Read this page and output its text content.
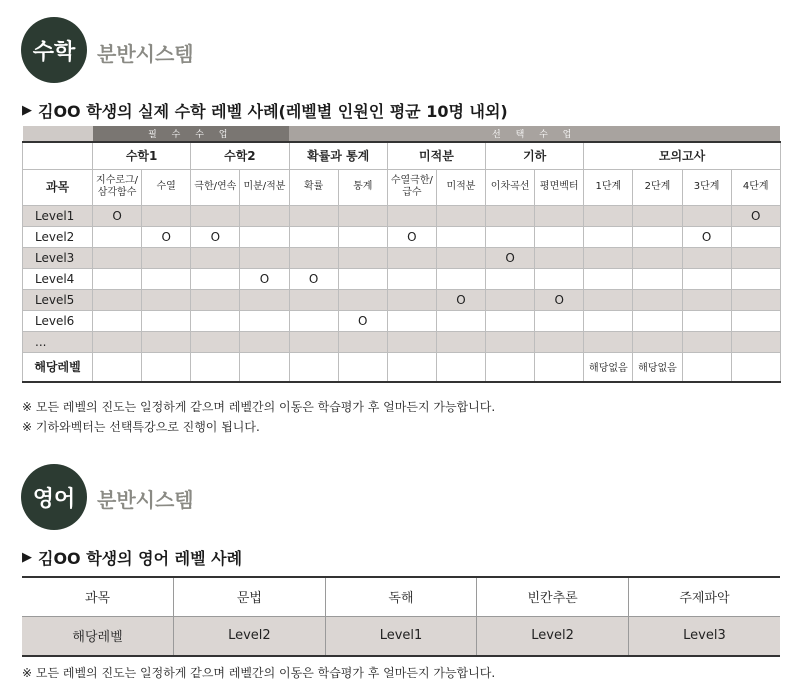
수학	분반시스템
▶ 김OO 학생의 실제 수학 레벨 사례(레벨별 인원인 평균 10명 내외)
	필 수 수 업				선 택 수 업									
	수학1		수학2		확률과 통계		미적분		기하		모의고사			
과목	지수로그/삼각함수	수열	극한/연속	미분/적분	확률	통계	수열극한/급수	미적분	이차곡선	평면벡터	1단계	2단계	3단계	4단계
Level1	O													O
Level2		O	O				O						O	
Level3									O					
Level4				O	O									
Level5								O		O				
Level6						O								
...														
해당레벨											해당없음	해당없음		
※ 모든 레벨의 진도는 일정하게 같으며 레벨간의 이동은 학습평가 후 얼마든지 가능합니다.
※ 기하와벡터는 선택특강으로 진행이 됩니다.
영어	분반시스템
▶ 김OO 학생의 영어 레벨 사례
과목	문법	독해	빈칸추론	주제파악
해당레벨	Level2	Level1	Level2	Level3
※ 모든 레벨의 진도는 일정하게 같으며 레벨간의 이동은 학습평가 후 얼마든지 가능합니다.
